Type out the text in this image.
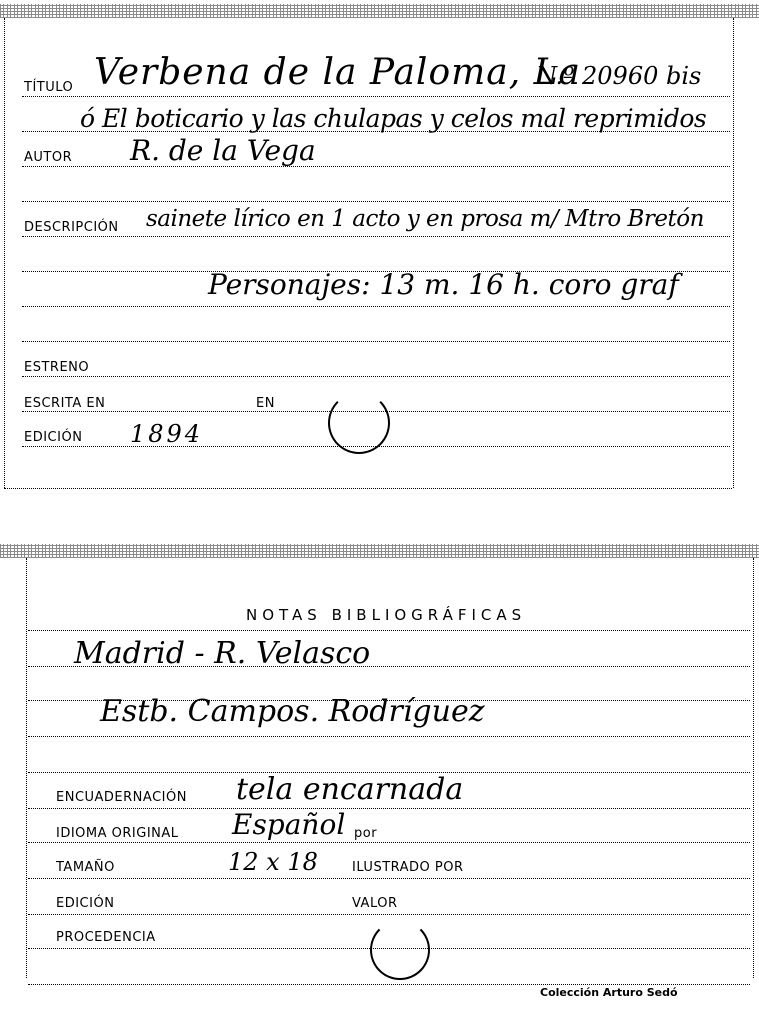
TÍTULO Verbena de la Paloma, La
N.º 20960 bis
ó El boticario y las chulapas y celos mal reprimidos
AUTOR R. de la Vega
DESCRIPCIÓN sainete lírico en 1 acto y en prosa m/ Mtro Bretón
Personajes: 13 m. 16 h. coro graf
ESTRENO
ESCRITA EN	EN
EDICIÓN 1894
NOTAS BIBLIOGRÁFICAS
Madrid - R. Velasco
Estb. Campos. Rodríguez
ENCUADERNACIÓN tela encarnada
IDIOMA ORIGINAL Español por
TAMAÑO	12 x 18	ILUSTRADO POR
EDICIÓN	VALOR
PROCEDENCIA
Colección Arturo Sedó
